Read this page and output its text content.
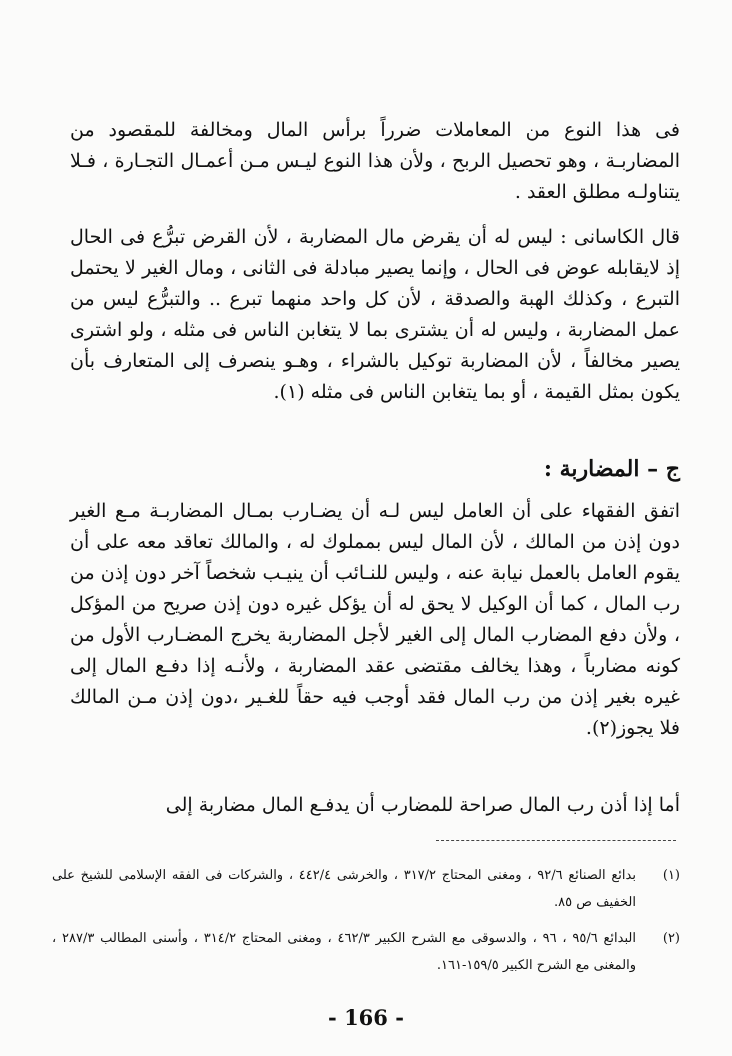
فى هذا النوع من المعاملات ضرراً برأس المال ومخالفة للمقصود من المضاربـة ، وهو تحصيل الربح ، ولأن هذا النوع ليـس مـن أعمـال التجـارة ، فـلا يتناولـه مطلق العقد .

قال الكاسانى : ليس له أن يقرض مال المضاربة ، لأن القرض تبرُّع فى الحال إذ لايقابله عوض فى الحال ، وإنما يصير مبادلة فى الثانى ، ومال الغير لا يحتمل التبرع ، وكذلك الهبة والصدقة ، لأن كل واحد منهما تبرع .. والتبرُّع ليس من عمل المضاربة ، وليس له أن يشترى بما لا يتغابن الناس فى مثله ، ولو اشترى يصير مخالفاً ، لأن المضاربة توكيل بالشراء ، وهـو ينصرف إلى المتعارف بأن يكون بمثل القيمة ، أو بما يتغابن الناس فى مثله (١).

ج – المضاربة :

اتفق الفقهاء على أن العامل ليس لـه أن يضـارب بمـال المضاربـة مـع الغير دون إذن من المالك ، لأن المال ليس بمملوك له ، والمالك تعاقد معه على أن يقوم العامل بالعمل نيابة عنه ، وليس للنـائب أن ينيـب شخصاً آخر دون إذن من رب المال ، كما أن الوكيل لا يحق له أن يؤكل غيره دون إذن صريح من المؤكل ، ولأن دفع المضارب المال إلى الغير لأجل المضاربة يخرج المضـارب الأول من كونه مضارباً ، وهذا يخالف مقتضى عقد المضاربة ، ولأنـه إذا دفـع المال إلى غيره بغير إذن من رب المال فقد أوجب فيه حقاً للغـير ،دون إذن مـن المالك فلا يجوز(٢).

أما إذا أذن رب المال صراحة للمضارب أن يدفـع المال مضاربة إلى

(١)
بدائع الصنائع ٩٢/٦ ، ومغنى المحتاج ٣١٧/٢ ، والخرشى ٤٤٢/٤ ، والشركات فى الفقه الإسلامى للشيخ على الخفيف ص ٨٥.
(٢)
البدائع ٩٥/٦ ، ٩٦ ، والدسوقى مع الشرح الكبير ٤٦٢/٣ ، ومغنى المحتاج ٣١٤/٢ ، وأسنى المطالب ٢٨٧/٣ ، والمغنى مع الشرح الكبير ١٥٩/٥-١٦١.
- 166 -
